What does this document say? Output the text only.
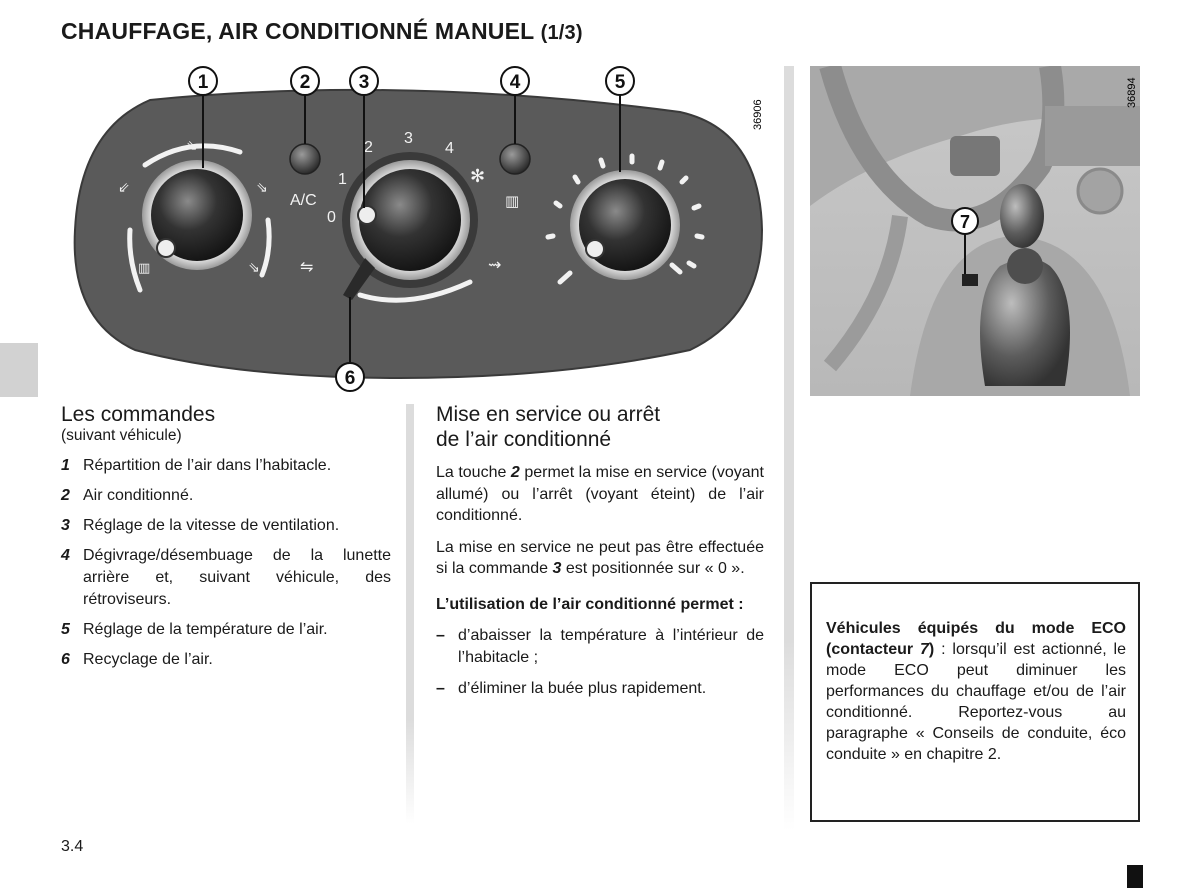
CHAUFFAGE, AIR CONDITIONNÉ MANUEL (1/3)
⇘
⇙	⇘
▥	⇘
A/C
0
1
2
3
4
✻
⇋	⇝
▥
1	2	3	4	5
6
36906
7
36894
Les commandes
(suivant véhicule)
1 Répartition de l’air dans l’habitacle.
2 Air conditionné.
3 Réglage de la vitesse de ventilation.
4 Dégivrage/désembuage de la lunette arrière et, suivant véhicule, des rétroviseurs.
5 Réglage de la température de l’air.
6 Recyclage de l’air.
Mise en service ou arrêt
de l’air conditionné

La touche 2 permet la mise en service (voyant allumé) ou l’arrêt (voyant éteint) de l’air conditionné.

La mise en service ne peut pas être effectuée si la commande 3 est positionnée sur « 0 ».

L’utilisation de l’air conditionné permet :

– d’abaisser la température à l’intérieur de l’habitacle ;
– d’éliminer la buée plus rapidement.
Véhicules équipés du mode ECO (contacteur 7) : lorsqu’il est actionné, le mode ECO peut diminuer les performances du chauffage et/ou de l’air conditionné. Reportez-vous au paragraphe « Conseils de conduite, éco conduite » en chapitre 2.
3.4
